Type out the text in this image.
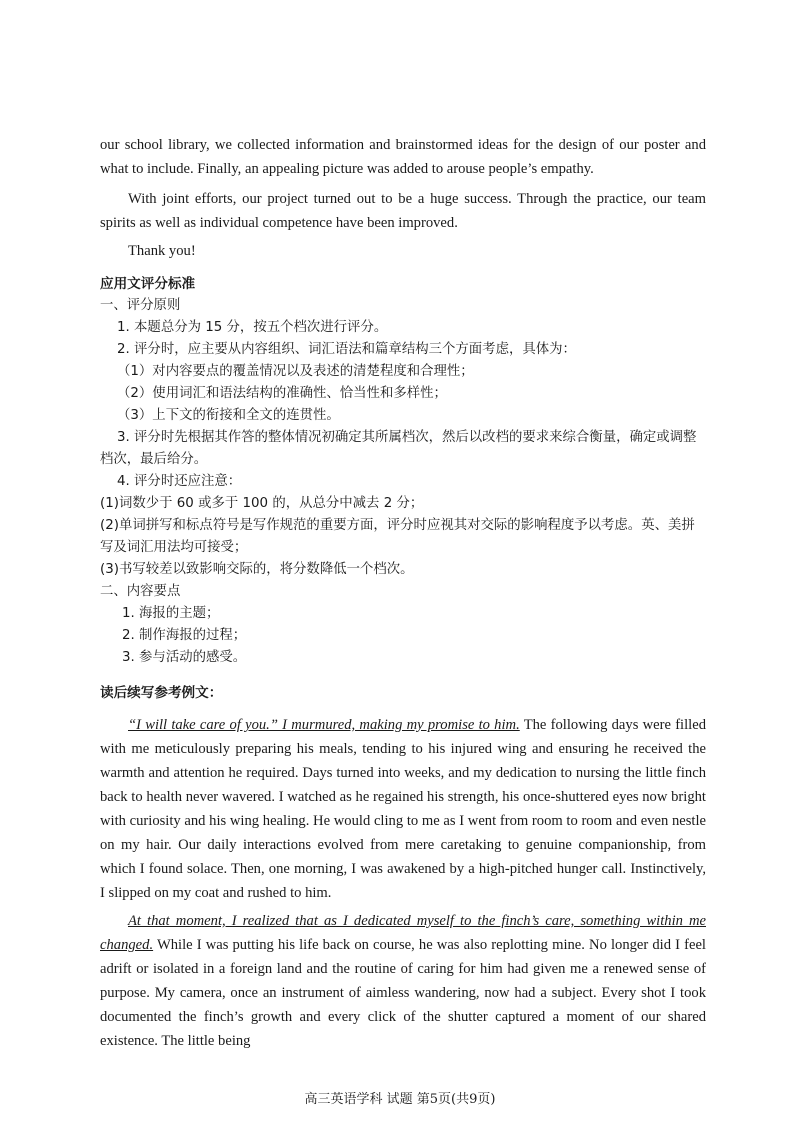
our school library, we collected information and brainstormed ideas for the design of our poster and what to include. Finally, an appealing picture was added to arouse people’s empathy.

With joint efforts, our project turned out to be a huge success. Through the practice, our team spirits as well as individual competence have been improved.

Thank you!

应用文评分标准

一、评分原则

1. 本题总分为 15 分，按五个档次进行评分。

2. 评分时，应主要从内容组织、词汇语法和篇章结构三个方面考虑，具体为：

（1）对内容要点的覆盖情况以及表述的清楚程度和合理性；

（2）使用词汇和语法结构的准确性、恰当性和多样性；

（3）上下文的衔接和全文的连贯性。

3. 评分时先根据其作答的整体情况初确定其所属档次，然后以改档的要求来综合衡量，确定或调整档次，最后给分。

4. 评分时还应注意：

(1)词数少于 60 或多于 100 的，从总分中减去 2 分；

(2)单词拼写和标点符号是写作规范的重要方面，评分时应视其对交际的影响程度予以考虑。英、美拼写及词汇用法均可接受；

(3)书写较差以致影响交际的，将分数降低一个档次。

二、内容要点

1. 海报的主题；

2. 制作海报的过程；

3. 参与活动的感受。

读后续写参考例文：

“I will take care of you.” I murmured, making my promise to him. The following days were filled with me meticulously preparing his meals, tending to his injured wing and ensuring he received the warmth and attention he required. Days turned into weeks, and my dedication to nursing the little finch back to health never wavered. I watched as he regained his strength, his once-shuttered eyes now bright with curiosity and his wing healing. He would cling to me as I went from room to room and even nestle on my hair. Our daily interactions evolved from mere caretaking to genuine companionship, from which I found solace. Then, one morning, I was awakened by a high-pitched hunger call. Instinctively, I slipped on my coat and rushed to him.

At that moment, I realized that as I dedicated myself to the finch’s care, something within me changed. While I was putting his life back on course, he was also replotting mine. No longer did I feel adrift or isolated in a foreign land and the routine of caring for him had given me a renewed sense of purpose. My camera, once an instrument of aimless wandering, now had a subject. Every shot I took documented the finch’s growth and every click of the shutter captured a moment of our shared existence. The little being

高三英语学科 试题 第5页(共9页)
